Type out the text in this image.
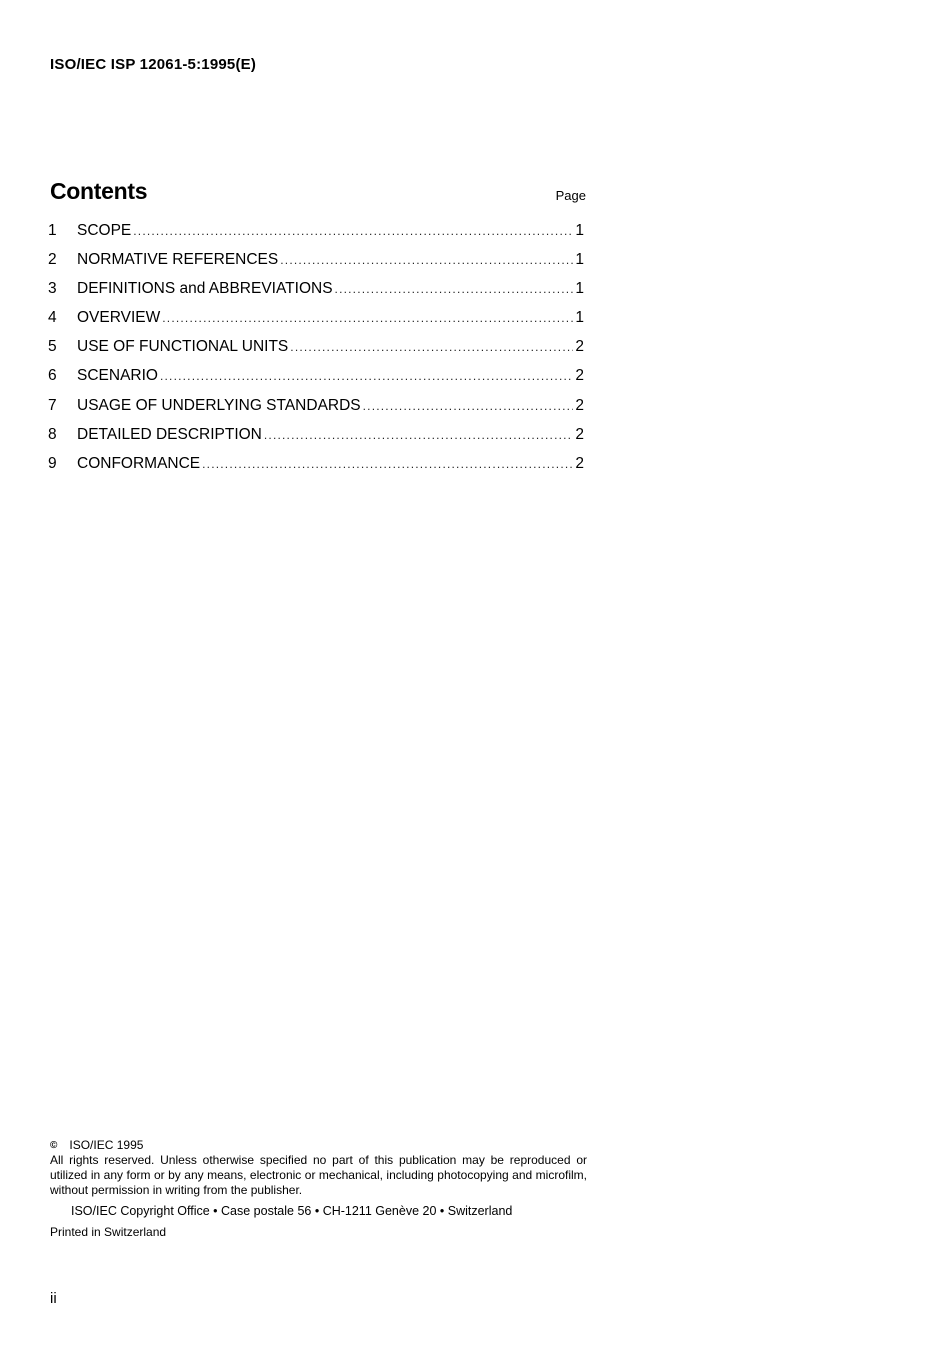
ISO/IEC ISP 12061-5:1995(E)
Contents	Page
1	SCOPE .....	1
2	NORMATIVE REFERENCES .....	1
3	DEFINITIONS and ABBREVIATIONS .....	1
4	OVERVIEW .....	1
5	USE OF FUNCTIONAL UNITS .....	2
6	SCENARIO .....	2
7	USAGE OF UNDERLYING STANDARDS .....	2
8	DETAILED DESCRIPTION .....	2
9	CONFORMANCE .....	2
© ISO/IEC 1995

All rights reserved. Unless otherwise specified no part of this publication may be reproduced or utilized in any form or by any means, electronic or mechanical, including photocopying and microfilm, without permission in writing from the publisher.

ISO/IEC Copyright Office • Case postale 56 • CH-1211 Genève 20 • Switzerland
Printed in Switzerland
ii
